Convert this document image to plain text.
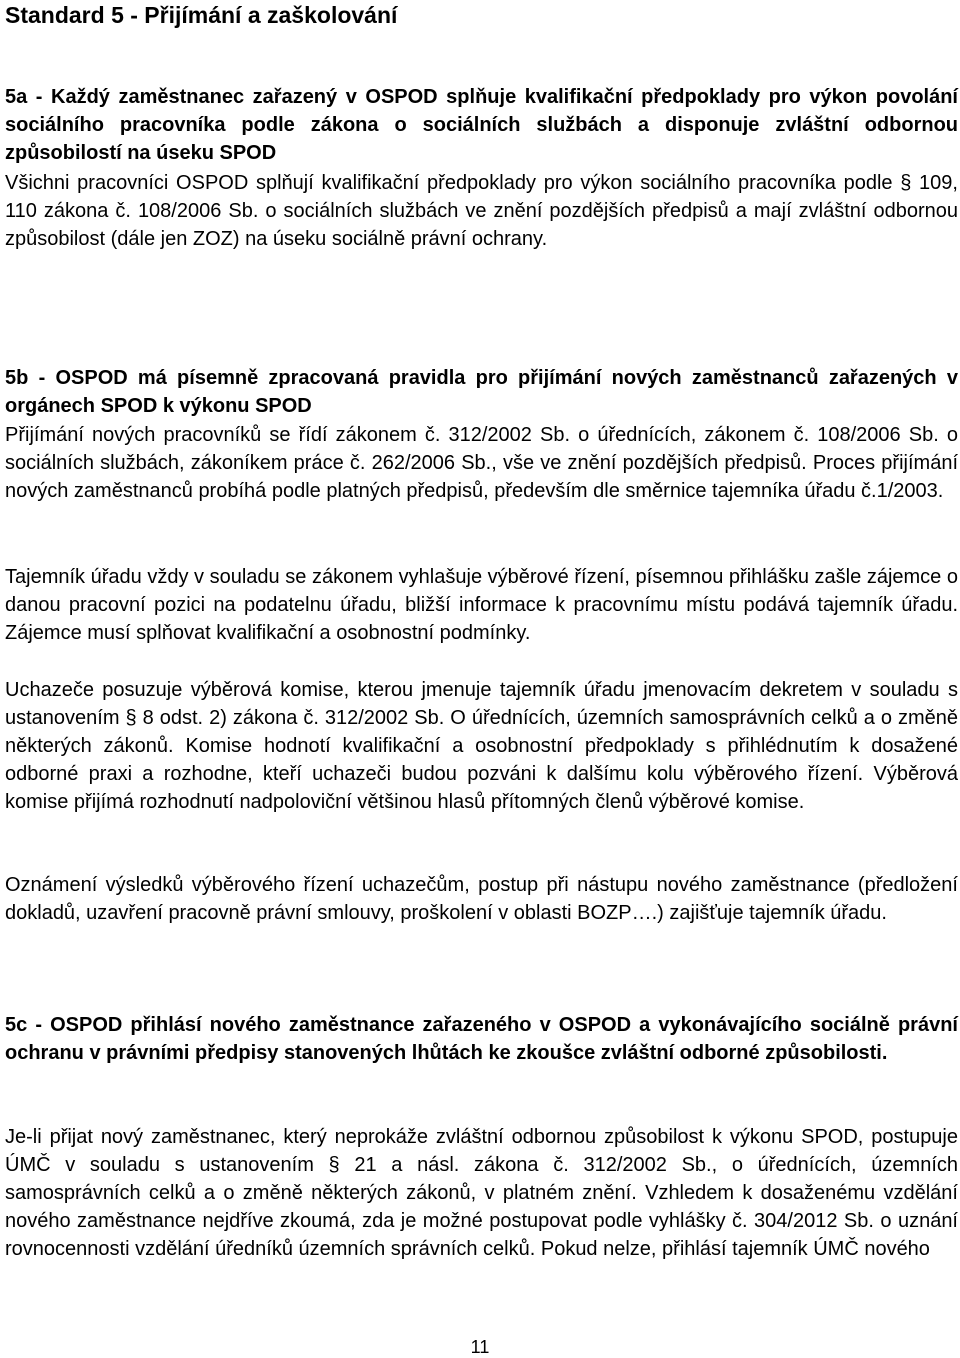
Standard 5 - Přijímání a zaškolování

5a - Každý zaměstnanec zařazený v OSPOD splňuje kvalifikační předpoklady pro výkon povolání sociálního pracovníka podle zákona o sociálních službách a disponuje zvláštní odbornou způsobilostí na úseku SPOD

Všichni pracovníci OSPOD splňují kvalifikační předpoklady pro výkon sociálního pracovníka podle § 109, 110 zákona č. 108/2006 Sb. o sociálních službách ve znění pozdějších předpisů a mají zvláštní odbornou způsobilost (dále jen ZOZ) na úseku sociálně právní ochrany.

5b - OSPOD má písemně zpracovaná pravidla pro přijímání nových zaměstnanců zařazených v orgánech SPOD k výkonu SPOD

Přijímání nových pracovníků se řídí zákonem č. 312/2002 Sb. o úřednících, zákonem č. 108/2006 Sb. o sociálních službách, zákoníkem práce č. 262/2006 Sb., vše ve znění pozdějších předpisů. Proces přijímání nových zaměstnanců probíhá podle platných předpisů, především dle směrnice tajemníka úřadu č.1/2003.

Tajemník úřadu vždy v souladu se zákonem vyhlašuje výběrové řízení, písemnou přihlášku zašle zájemce o danou pracovní pozici na podatelnu úřadu, bližší informace k pracovnímu místu podává tajemník úřadu. Zájemce musí splňovat kvalifikační a osobnostní podmínky.

Uchazeče posuzuje výběrová komise, kterou jmenuje tajemník úřadu jmenovacím dekretem v souladu s ustanovením § 8 odst. 2) zákona č. 312/2002 Sb. O úřednících, územních samosprávních celků a o změně některých zákonů. Komise hodnotí kvalifikační a osobnostní předpoklady s přihlédnutím k dosažené odborné praxi a rozhodne, kteří uchazeči budou pozváni k dalšímu kolu výběrového řízení. Výběrová komise přijímá rozhodnutí nadpoloviční většinou hlasů přítomných členů výběrové komise.

Oznámení výsledků výběrového řízení uchazečům, postup při nástupu nového zaměstnance (předložení dokladů, uzavření pracovně právní smlouvy, proškolení v oblasti BOZP….) zajišťuje tajemník úřadu.

5c - OSPOD přihlásí nového zaměstnance zařazeného v OSPOD a vykonávajícího sociálně právní ochranu v právními předpisy stanovených lhůtách ke zkoušce zvláštní odborné způsobilosti.

Je-li přijat nový zaměstnanec, který neprokáže zvláštní odbornou způsobilost k výkonu SPOD, postupuje ÚMČ v souladu s ustanovením § 21 a násl. zákona č. 312/2002 Sb., o úřednících, územních samosprávních celků a o změně některých zákonů, v platném znění. Vzhledem k dosaženému vzdělání nového zaměstnance nejdříve zkoumá, zda je možné postupovat podle vyhlášky č. 304/2012 Sb. o uznání rovnocennosti vzdělání úředníků územních správních celků. Pokud nelze, přihlásí tajemník ÚMČ nového

11
